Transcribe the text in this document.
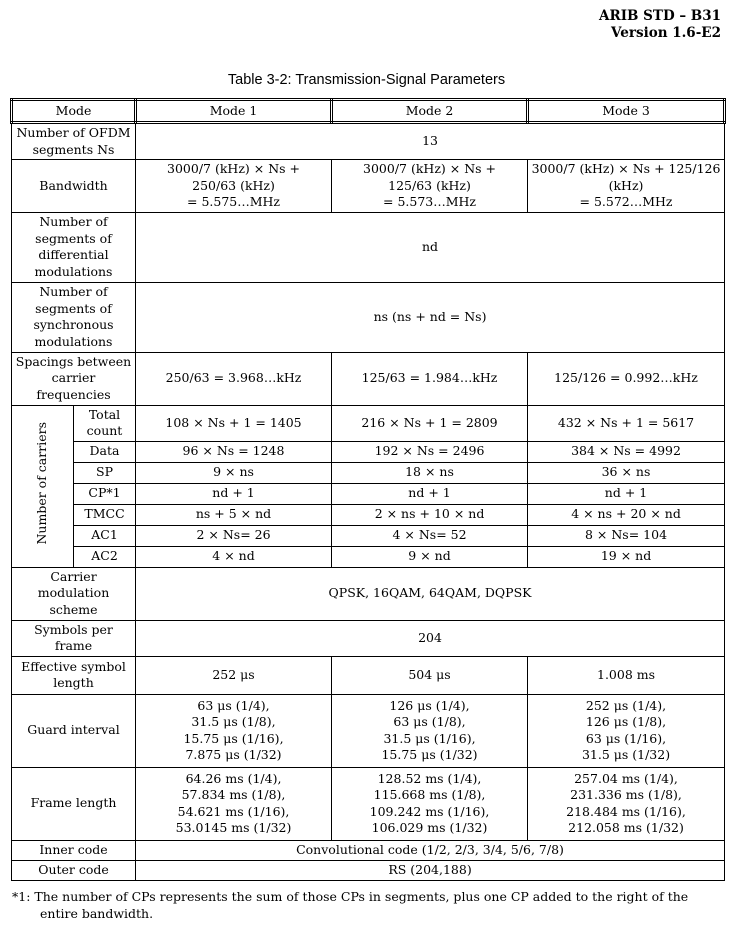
ARIB STD – B31
Version 1.6-E2
Table 3-2: Transmission-Signal Parameters
Mode		Mode 1	Mode 2	Mode 3
Number of OFDM segments Ns		13		
Bandwidth		3000/7 (kHz) × Ns +
250/63 (kHz)
= 5.575…MHz	3000/7 (kHz) × Ns +
125/63 (kHz)
= 5.573…MHz	3000/7 (kHz) × Ns + 125/126
(kHz)
= 5.572…MHz

Number of segments of differential modulations		nd		
Number of segments of synchronous modulations		ns (ns + nd = Ns)		
Spacings between carrier frequencies		250/63 = 3.968…kHz	125/63 = 1.984…kHz	125/126 = 0.992…kHz
Number of carriers	Total count	108 × Ns + 1 = 1405	216 × Ns + 1 = 2809	432 × Ns + 1 = 5617
	Data	96 × Ns = 1248	192 × Ns = 2496	384 × Ns = 4992
	SP	9 × ns	18 × ns	36 × ns
	CP*1	nd + 1	nd + 1	nd + 1
	TMCC	ns + 5 × nd	2 × ns + 10 × nd	4 × ns + 20 × nd
	AC1	2 × Ns= 26	4 × Ns= 52	8 × Ns= 104
	AC2	4 × nd	9 × nd	19 × nd
Carrier modulation scheme		QPSK, 16QAM, 64QAM, DQPSK		
Symbols per frame		204		
Effective symbol length		252 μs	504 μs	1.008 ms
Guard interval		63 μs (1/4),
31.5 μs (1/8),
15.75 μs (1/16),
7.875 μs (1/32)	126 μs (1/4),
63 μs (1/8),
31.5 μs (1/16),
15.75 μs (1/32)	252 μs (1/4),
126 μs (1/8),
63 μs (1/16),
31.5 μs (1/32)

Frame length		64.26 ms (1/4),
57.834 ms (1/8),
54.621 ms (1/16),
53.0145 ms (1/32)	128.52 ms (1/4),
115.668 ms (1/8),
109.242 ms (1/16),
106.029 ms (1/32)	257.04 ms (1/4),
231.336 ms (1/8),
218.484 ms (1/16),
212.058 ms (1/32)

Inner code		Convolutional code (1/2, 2/3, 3/4, 5/6, 7/8)		
Outer code		RS (204,188)		
*1: The number of CPs represents the sum of those CPs in segments, plus one CP added to the right of the
entire bandwidth.
